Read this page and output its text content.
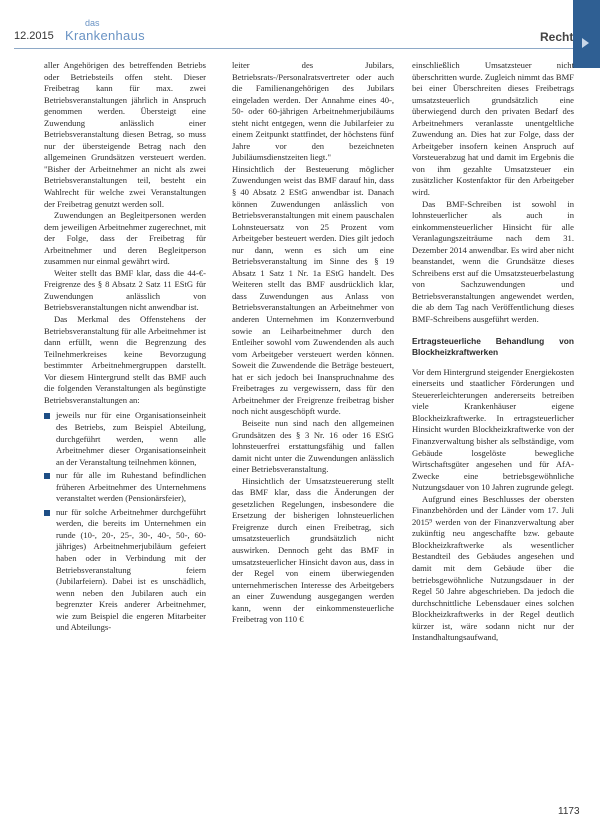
12.2015
das
Krankenhaus	Recht

aller Angehörigen des betreffenden Betriebs oder Betriebsteils offen steht. Dieser Freibetrag kann für max. zwei Betriebsveranstaltungen jährlich in Anspruch genommen werden. Übersteigt eine Zuwendung anlässlich einer Betriebsveranstaltung diesen Betrag, so muss nur der übersteigende Betrag nach den allgemeinen Grundsätzen versteuert werden. "Bisher der Arbeitnehmer an nicht als zwei Betriebsveranstaltungen teil, besteht ein Wahlrecht für welche zwei Veranstaltungen der Freibetrag genutzt werden soll.

Zuwendungen an Begleitpersonen werden dem jeweiligen Arbeitnehmer zugerechnet, mit der Folge, dass der Freibetrag für Arbeitnehmer und deren Begleitperson zusammen nur einmal gewährt wird.

Weiter stellt das BMF klar, dass die 44-€-Freigrenze des § 8 Absatz 2 Satz 11 EStG für Zuwendungen anlässlich von Betriebsveranstaltungen nicht anwendbar ist.

Das Merkmal des Offenstehens der Betriebsveranstaltung für alle Arbeitnehmer ist dann erfüllt, wenn die Begrenzung des Teilnehmerkreises keine Bevorzugung bestimmter Arbeitnehmergruppen darstellt. Vor diesem Hintergrund stellt das BMF auch die folgenden Veranstaltungen als begünstigte Betriebsveranstaltungen an:

jeweils nur für eine Organisationseinheit des Betriebs, zum Beispiel Abteilung, durchgeführt werden, wenn alle Arbeitnehmer dieser Organisationseinheit an der Veranstaltung teilnehmen können,
nur für alle im Ruhestand befindlichen früheren Arbeitnehmer des Unternehmens veranstaltet werden (Pensionärsfeier),
nur für solche Arbeitnehmer durchgeführt werden, die bereits im Unternehmen ein runde (10-, 20-, 25-, 30-, 40-, 50-, 60-jähriges) Arbeitnehmerjubiläum gefeiert haben oder in Verbindung mit der Betriebsveranstaltung feiern (Jubilarfeiern). Dabei ist es unschädlich, wenn neben den Jubilaren auch ein begrenzter Kreis anderer Arbeitnehmer, wie zum Beispiel die engeren Mitarbeiter und Abteilungs-

leiter des Jubilars, Betriebsrats-/Personalratsvertreter oder auch die Familienangehörigen des Jubilars eingeladen werden. Der Annahme eines 40-, 50- oder 60-jährigen Arbeitnehmerjubiläums steht nicht entgegen, wenn die Jubilarfeier zu einem Zeitpunkt stattfindet, der höchstens fünf Jahre vor den bezeichneten Jubiläumsdienstzeiten liegt."

Hinsichtlich der Besteuerung möglicher Zuwendungen weist das BMF darauf hin, dass § 40 Absatz 2 EStG anwendbar ist. Danach können Zuwendungen anlässlich von Betriebsveranstaltungen mit einem pauschalen Lohnsteuersatz von 25 Prozent vom Arbeitgeber besteuert werden. Dies gilt jedoch nur dann, wenn es sich um eine Betriebsveranstaltung im Sinne des § 19 Absatz 1 Satz 1 Nr. 1a EStG handelt. Des Weiteren stellt das BMF ausdrücklich klar, dass Zuwendungen aus Anlass von Betriebsveranstaltungen an Arbeitnehmer von anderen Unternehmen im Konzernverbund sowie an Leiharbeitnehmer durch den Entleiher sowohl vom Zuwendenden als auch vom Arbeitgeber versteuert werden können. Soweit die Zuwendende die Beträge besteuert, hat er sich jedoch bei Inanspruchnahme des Freibetrages zu vergewissern, dass für den Arbeitnehmer der Freigrenze freibetrag bisher noch nicht ausgeschöpft wurde.

Beiseite nun sind nach den allgemeinen Grundsätzen des § 3 Nr. 16 oder 16 EStG lohnsteuerfrei erstattungsfähig und fallen damit nicht unter die Zuwendungen anlässlich einer Betriebsveranstaltung.

Hinsichtlich der Umsatzsteuererung stellt das BMF klar, dass die Änderungen der gesetzlichen Regelungen, insbesondere die Ersetzung der bisherigen lohnsteuerlichen Freigrenze durch einen Freibetrag, sich umsatzsteuerlich grundsätzlich nicht auswirken. Dennoch geht das BMF in umsatzsteuerlicher Hinsicht davon aus, dass in der Regel von einem überwiegenden unternehmerischen Interesse des Arbeitgebers an einer Zuwendung ausgegangen werden kann, wenn der einkommensteuerliche Freibetrag von 110 €

einschließlich Umsatzsteuer nicht überschritten wurde. Zugleich nimmt das BMF bei einer Überschreiten dieses Freibetrags umsatzsteuerlich grundsätzlich eine überwiegend durch den privaten Bedarf des Arbeitnehmers veranlasste unentgeltliche Zuwendung an. Dies hat zur Folge, dass der Arbeitgeber insofern keinen Anspruch auf Vorsteuerabzug hat und damit im Ergebnis die von ihm gezahlte Umsatzsteuer ein zusätzlicher Kostenfaktor für den Arbeitgeber wird.

Das BMF-Schreiben ist sowohl in lohnsteuerlicher als auch in einkommensteuerlicher Hinsicht für alle Veranlagungszeiträume nach dem 31. Dezember 2014 anwendbar. Es wird aber nicht beanstandet, wenn die Grundsätze dieses Schreibens erst auf die Umsatzsteuerbelastung von Sachzuwendungen und Betriebsveranstaltungen angewendet werden, die ab dem Tag nach Veröffentlichung dieses BMF-Schreibens ausgeführt werden.

Ertragsteuerliche Behandlung von Blockheizkraftwerken

Vor dem Hintergrund steigender Energiekosten einerseits und staatlicher Förderungen und Steuererleichterungen andererseits betreiben viele Krankenhäuser eigene Blockheizkraftwerke. In ertragsteuerlicher Hinsicht wurden Blockheizkraftwerke von der Finanzverwaltung bisher als selbständige, vom Gebäude losgelöste bewegliche Wirtschaftsgüter angesehen und für AfA-Zwecke eine betriebsgewöhnliche Nutzungsdauer von 10 Jahren zugrunde gelegt.

Aufgrund eines Beschlusses der obersten Finanzbehörden und der Länder vom 17. Juli 2015⁹ werden von der Finanzverwaltung aber zukünftig neu angeschaffte bzw. gebaute Blockheizkraftwerke als wesentlicher Bestandteil des Gebäudes angesehen und damit mit dem Gebäude über die betriebsgewöhnliche Nutzungsdauer in der Regel 50 Jahre abgeschrieben. Da jedoch die durchschnittliche Lebensdauer eines solchen Blockheizkraftwerks in der Regel deutlich kürzer ist, wäre sodann nicht nur der Instandhaltungsaufwand,

1173
